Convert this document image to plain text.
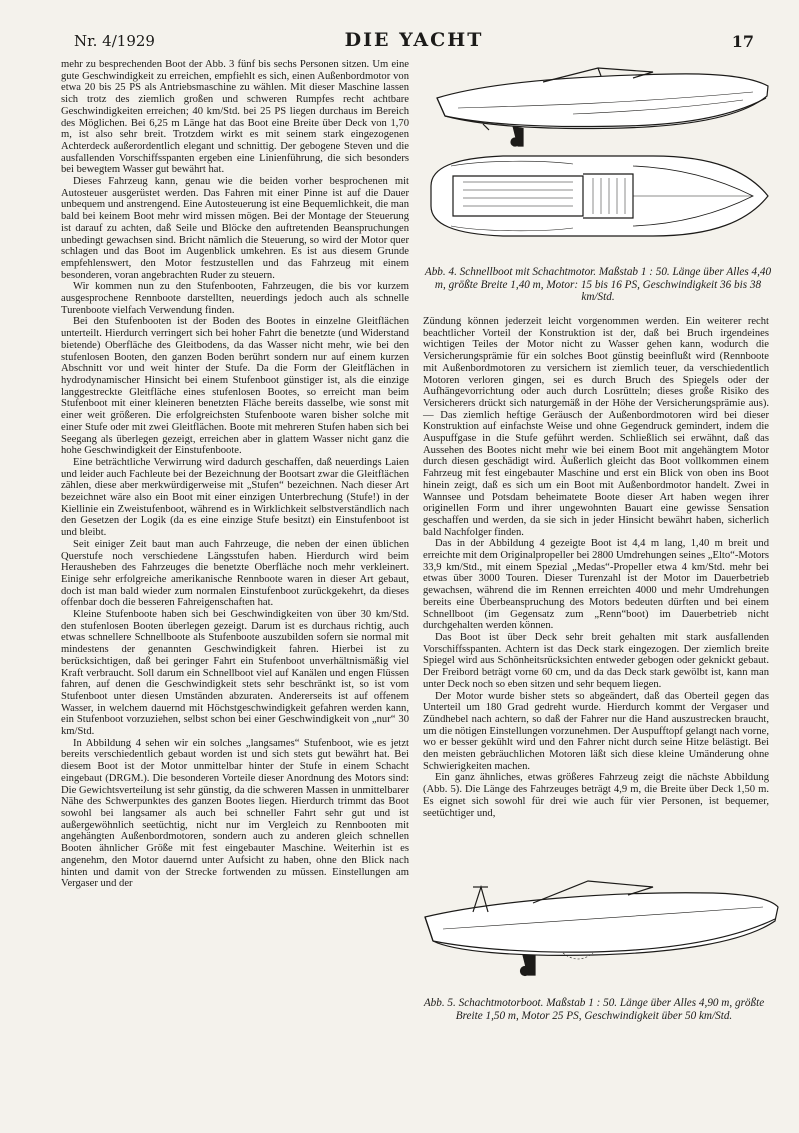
Nr. 4/1929	DIE YACHT	17

mehr zu besprechenden Boot der Abb. 3 fünf bis sechs Personen sitzen. Um eine gute Geschwindigkeit zu erreichen, empfiehlt es sich, einen Außenbordmotor von etwa 20 bis 25 PS als Antriebsmaschine zu wählen. Mit dieser Maschine lassen sich trotz des ziemlich großen und schweren Rumpfes recht achtbare Geschwindigkeiten erreichen; 40 km/Std. bei 25 PS liegen durchaus im Bereich des Möglichen. Bei 6,25 m Länge hat das Boot eine Breite über Deck von 1,70 m, ist also sehr breit. Trotzdem wirkt es mit seinem stark eingezogenen Achterdeck außerordentlich elegant und schnittig. Der gebogene Steven und die ausfallenden Vorschiffsspanten ergeben eine Linienführung, die sich besonders bei bewegtem Wasser gut bewährt hat.

Dieses Fahrzeug kann, genau wie die beiden vorher besprochenen mit Autosteuer ausgerüstet werden. Das Fahren mit einer Pinne ist auf die Dauer unbequem und anstrengend. Eine Autosteuerung ist eine Bequemlichkeit, die man bald bei keinem Boot mehr wird missen mögen. Bei der Montage der Steuerung ist darauf zu achten, daß Seile und Blöcke den auftretenden Beanspruchungen unbedingt gewachsen sind. Bricht nämlich die Steuerung, so wird der Motor quer schlagen und das Boot im Augenblick umkehren. Es ist aus diesem Grunde empfehlenswert, den Motor festzustellen und das Fahrzeug mit einem besonderen, voran angebrachten Ruder zu steuern.

Wir kommen nun zu den Stufenbooten, Fahrzeugen, die bis vor kurzem ausgesprochene Rennboote darstellten, neuerdings jedoch auch als schnelle Turenboote vielfach Verwendung finden.

Bei den Stufenbooten ist der Boden des Bootes in einzelne Gleitflächen unterteilt. Hierdurch verringert sich bei hoher Fahrt die benetzte (und Widerstand bietende) Oberfläche des Gleitbodens, da das Wasser nicht mehr, wie bei den stufenlosen Booten, den ganzen Boden berührt sondern nur auf einem kurzen Abschnitt vor und weit hinter der Stufe. Da die Form der Gleitflächen in hydrodynamischer Hinsicht bei einem Stufenboot günstiger ist, als die einzige langgestreckte Gleitfläche eines stufenlosen Bootes, so erreicht man beim Stufenboot mit einer kleineren benetzten Fläche bereits dasselbe, wie sonst mit einer weit größeren. Die erfolgreichsten Stufenboote waren bisher solche mit einer Stufe oder mit zwei Gleitflächen. Boote mit mehreren Stufen haben sich bei Seegang als überlegen gezeigt, erreichen aber in glattem Wasser nicht ganz die hohe Geschwindigkeit der Einstufenboote.

Eine beträchtliche Verwirrung wird dadurch geschaffen, daß neuerdings Laien und leider auch Fachleute bei der Bezeichnung der Bootsart zwar die Gleitflächen zählen, diese aber merkwürdigerweise mit „Stufen“ bezeichnen. Nach dieser Art bezeichnet wäre also ein Boot mit einer einzigen Unterbrechung (Stufe!) in der Kiellinie ein Zweistufenboot, während es in Wirklichkeit selbstverständlich nach den Gesetzen der Logik (da es eine einzige Stufe besitzt) ein Einstufenboot ist und bleibt.

Seit einiger Zeit baut man auch Fahrzeuge, die neben der einen üblichen Querstufe noch verschiedene Längsstufen haben. Hierdurch wird beim Herausheben des Fahrzeuges die benetzte Oberfläche noch mehr verkleinert. Einige sehr erfolgreiche amerikanische Rennboote waren in dieser Art gebaut, doch ist man bald wieder zum normalen Einstufenboot zurückgekehrt, da dieses offenbar doch die besseren Fahreigenschaften hat.

Kleine Stufenboote haben sich bei Geschwindigkeiten von über 30 km/Std. den stufenlosen Booten überlegen gezeigt. Darum ist es durchaus richtig, auch etwas schnellere Schnellboote als Stufenboote auszubilden sofern sie normal mit mindestens der genannten Geschwindigkeit fahren. Hierbei ist zu berücksichtigen, daß bei geringer Fahrt ein Stufenboot unverhältnismäßig viel Kraft verbraucht. Soll darum ein Schnellboot viel auf Kanälen und engen Flüssen fahren, auf denen die Geschwindigkeit stets sehr beschränkt ist, so ist vom Stufenboot unter diesen Umständen abzuraten. Andererseits ist auf offenem Wasser, in welchem dauernd mit Höchstgeschwindigkeit gefahren werden kann, ein Stufenboot vorzuziehen, selbst schon bei einer Geschwindigkeit von „nur“ 30 km/Std.

In Abbildung 4 sehen wir ein solches „langsames“ Stufenboot, wie es jetzt bereits verschiedentlich gebaut worden ist und sich stets gut bewährt hat. Bei diesem Boot ist der Motor unmittelbar hinter der Stufe in einem Schacht eingebaut (DRGM.). Die besonderen Vorteile dieser Anordnung des Motors sind: Die Gewichtsverteilung ist sehr günstig, da die schweren Massen in unmittelbarer Nähe des Schwerpunktes des ganzen Bootes liegen. Hierdurch trimmt das Boot sowohl bei langsamer als auch bei schneller Fahrt sehr gut und ist außergewöhnlich seetüchtig, nicht nur im Vergleich zu Rennbooten mit angehängten Außenbordmotoren, sondern auch zu anderen gleich schnellen Booten ähnlicher Größe mit fest eingebauter Maschine. Weiterhin ist es angenehm, den Motor dauernd unter Aufsicht zu haben, ohne den Blick nach hinten und damit von der Strecke fortwenden zu müssen. Einstellungen am Vergaser und der

Abb. 4. Schnellboot mit Schachtmotor. Maßstab 1 : 50. Länge über Alles 4,40 m, größte Breite 1,40 m, Motor: 15 bis 16 PS, Geschwindigkeit 36 bis 38 km/Std.

Zündung können jederzeit leicht vorgenommen werden. Ein weiterer recht beachtlicher Vorteil der Konstruktion ist der, daß bei Bruch irgendeines wichtigen Teiles der Motor nicht zu Wasser gehen kann, wodurch die Versicherungsprämie für ein solches Boot günstig beeinflußt wird (Rennboote mit Außenbordmotoren zu versichern ist ziemlich teuer, da verschiedentlich Motoren verloren gingen, sei es durch Bruch des Spiegels oder der Aufhängevorrichtung oder auch durch Losrütteln; dieses große Risiko des Versicherers drückt sich naturgemäß in der Höhe der Versicherungsprämie aus). — Das ziemlich heftige Geräusch der Außenbordmotoren wird bei dieser Konstruktion auf einfachste Weise und ohne Gegendruck gemindert, indem die Auspuffgase in die Stufe geführt werden. Schließlich sei erwähnt, daß das Aussehen des Bootes nicht mehr wie bei einem Boot mit angehängtem Motor durch diesen geschädigt wird. Äußerlich gleicht das Boot vollkommen einem Fahrzeug mit fest eingebauter Maschine und erst ein Blick von oben ins Boot hinein zeigt, daß es sich um ein Boot mit Außenbordmotor handelt. Zwei in Wannsee und Potsdam beheimatete Boote dieser Art haben wegen ihrer originellen Form und ihrer ungewohnten Bauart eine gewisse Sensation geschaffen und werden, da sie sich in jeder Hinsicht bewährt haben, sicherlich bald Nachfolger finden.

Das in der Abbildung 4 gezeigte Boot ist 4,4 m lang, 1,40 m breit und erreichte mit dem Originalpropeller bei 2800 Umdrehungen seines „Elto“-Motors 33,9 km/Std., mit einem Spezial „Medas“-Propeller etwa 4 km/Std. mehr bei etwas über 3000 Touren. Dieser Turenzahl ist der Motor im Dauerbetrieb gewachsen, während die im Rennen erreichten 4000 und mehr Umdrehungen bereits eine Überbeanspruchung des Motors bedeuten dürften und bei einem Schnellboot (im Gegensatz zum „Renn“boot) im Dauerbetrieb nicht durchgehalten werden können.

Das Boot ist über Deck sehr breit gehalten mit stark ausfallenden Vorschiffsspanten. Achtern ist das Deck stark eingezogen. Der ziemlich breite Spiegel wird aus Schönheitsrücksichten entweder gebogen oder geknickt gebaut. Der Freibord beträgt vorne 60 cm, und da das Deck stark gewölbt ist, kann man unter Deck noch so eben sitzen und sehr bequem liegen.

Der Motor wurde bisher stets so abgeändert, daß das Oberteil gegen das Unterteil um 180 Grad gedreht wurde. Hierdurch kommt der Vergaser und Zündhebel nach achtern, so daß der Fahrer nur die Hand auszustrecken braucht, um die nötigen Einstellungen vorzunehmen. Der Auspufftopf gelangt nach vorne, wo er besser gekühlt wird und den Fahrer nicht durch seine Hitze belästigt. Bei den meisten gebräuchlichen Motoren läßt sich diese kleine Umänderung ohne Schwierigkeiten machen.

Ein ganz ähnliches, etwas größeres Fahrzeug zeigt die nächste Abbildung (Abb. 5). Die Länge des Fahrzeuges beträgt 4,9 m, die Breite über Deck 1,50 m. Es eignet sich sowohl für drei wie auch für vier Personen, ist bequemer, seetüchtiger und,

Abb. 5. Schachtmotorboot. Maßstab 1 : 50. Länge über Alles 4,90 m, größte Breite 1,50 m, Motor 25 PS, Geschwindigkeit über 50 km/Std.
